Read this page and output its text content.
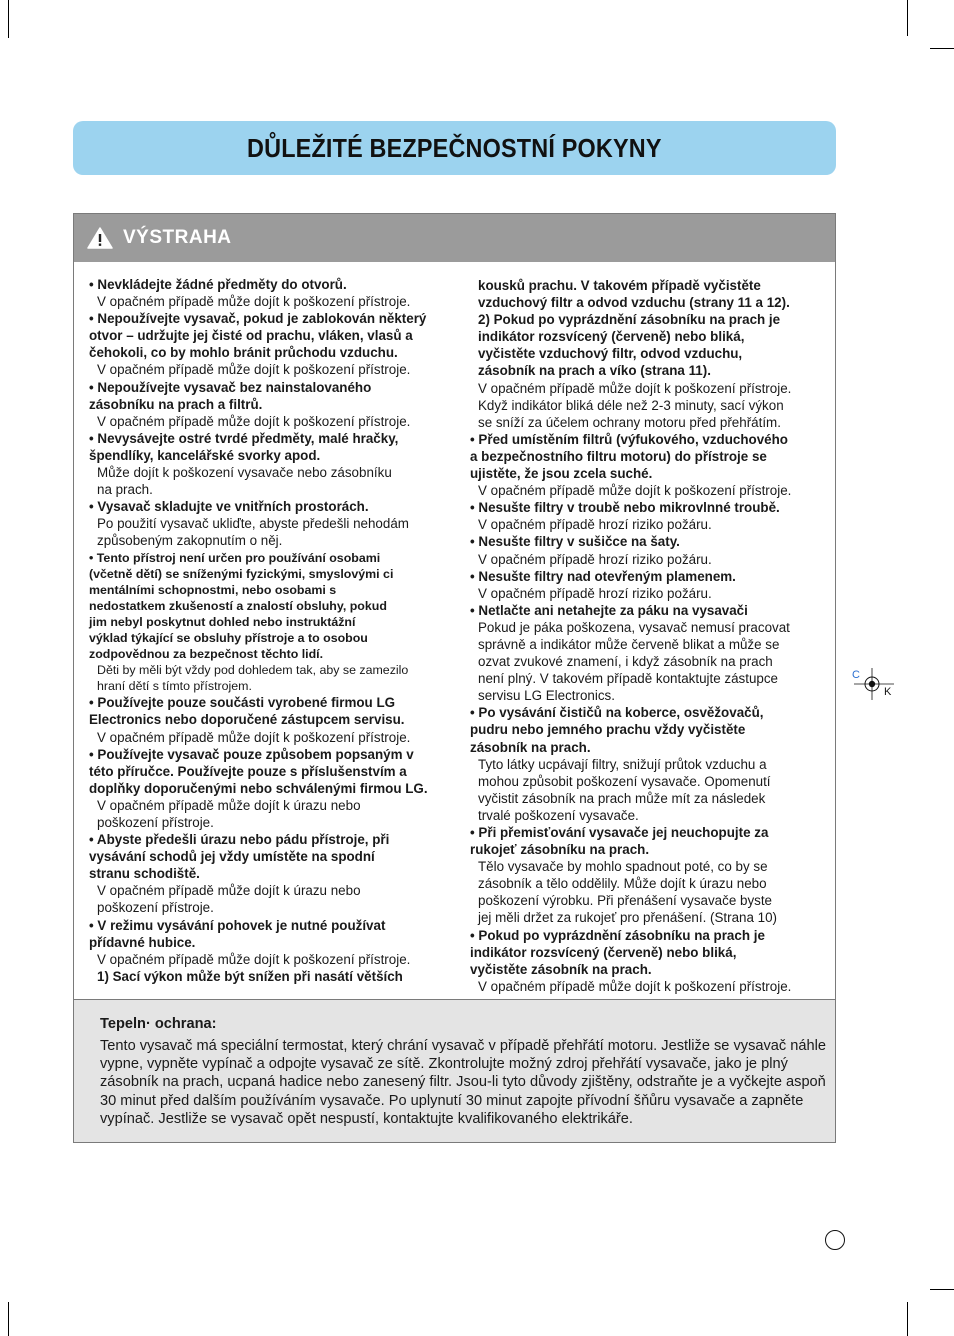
DŮLEŽITÉ BEZPEČNOSTNÍ POKYNY
VÝSTRAHA

• Nevkládejte žádné předměty do otvorů.

V opačném případě může dojít k poškození přístroje.

• Nepoužívejte vysavač, pokud je zablokován některý
otvor – udržujte jej čisté od prachu, vláken, vlasů a
čehokoli, co by mohlo bránit průchodu vzduchu.

V opačném případě může dojít k poškození přístroje.

• Nepoužívejte vysavač bez nainstalovaného
zásobníku na prach a filtrů.

V opačném případě může dojít k poškození přístroje.

• Nevysávejte ostré tvrdé předměty, malé hračky,
špendlíky, kancelářské svorky apod.

Může dojít k poškození vysavače nebo zásobníku
na prach.

• Vysavač skladujte ve vnitřních prostorách.

Po použití vysavač ukliďte, abyste předešli nehodám
způsobeným zakopnutím o něj.

• Tento přístroj není určen pro používání osobami
(včetně dětí) se sníženými fyzickými, smyslovými ci
mentálními schopnostmi, nebo osobami s
nedostatkem zkušeností a znalostí obsluhy, pokud
jim nebyl poskytnut dohled nebo instruktážní
výklad týkající se obsluhy přístroje a to osobou
zodpovědnou za bezpečnost těchto lidí.

Děti by měli být vždy pod dohledem tak, aby se zamezilo
hraní dětí s tímto přístrojem.

• Používejte pouze součásti vyrobené firmou LG
Electronics nebo doporučené zástupcem servisu.

V opačném případě může dojít k poškození přístroje.

• Používejte vysavač pouze způsobem popsaným v
této příručce. Používejte pouze s příslušenstvím a
doplňky doporučenými nebo schválenými firmou LG.

V opačném případě může dojít k úrazu nebo
poškození přístroje.

• Abyste předešli úrazu nebo pádu přístroje, při
vysávání schodů jej vždy umístěte na spodní
stranu schodiště.

V opačném případě může dojít k úrazu nebo
poškození přístroje.

• V režimu vysávání pohovek je nutné používat
přídavné hubice.

V opačném případě může dojít k poškození přístroje.

1) Sací výkon může být snížen při nasátí větších

kousků prachu. V takovém případě vyčistěte
vzduchový filtr a odvod vzduchu (strany 11 a 12).
2) Pokud po vyprázdnění zásobníku na prach je
indikátor rozsvícený (červeně) nebo bliká,
vyčistěte vzduchový filtr, odvod vzduchu,
zásobník na prach a víko (strana 11).

V opačném případě může dojít k poškození přístroje.
Když indikátor bliká déle než 2-3 minuty, sací výkon
se sníží za účelem ochrany motoru před přehřátím.

• Před umístěním filtrů (výfukového, vzduchového
a bezpečnostního filtru motoru) do přístroje se
ujistěte, že jsou zcela suché.

V opačném případě může dojít k poškození přístroje.

• Nesušte filtry v troubě nebo mikrovlnné troubě.

V opačném případě hrozí riziko požáru.

• Nesušte filtry v sušičce na šaty.

V opačném případě hrozí riziko požáru.

• Nesušte filtry nad otevřeným plamenem.

V opačném případě hrozí riziko požáru.

• Netlačte ani netahejte za páku na vysavači

Pokud je páka poškozena, vysavač nemusí pracovat
správně a indikátor může červeně blikat a může se
ozvat zvukové znamení, i když zásobník na prach
není plný. V takovém případě kontaktujte zástupce
servisu LG Electronics.

• Po vysávání čističů na koberce, osvěžovačů,
pudru nebo jemného prachu vždy vyčistěte
zásobník na prach.

Tyto látky ucpávají filtry, snižují průtok vzduchu a
mohou způsobit poškození vysavače. Opomenutí
vyčistit zásobník na prach může mít za následek
trvalé poškození vysavače.

• Při přemisťování vysavače jej neuchopujte za
rukojeť zásobníku na prach.

Tělo vysavače by mohlo spadnout poté, co by se
zásobník a tělo oddělily. Může dojít k úrazu nebo
poškození výrobku. Při přenášení vysavače byste
jej měli držet za rukojeť pro přenášení. (Strana 10)

• Pokud po vyprázdnění zásobníku na prach je
indikátor rozsvícený (červeně) nebo bliká,
vyčistěte zásobník na prach.

V opačném případě může dojít k poškození přístroje.

Tepeln· ochrana:
Tento vysavač má speciální termostat, který chrání vysavač v případě přehřátí motoru. Jestliže se vysavač náhle vypne, vypněte vypínač a odpojte vysavač ze sítě. Zkontrolujte možný zdroj přehřátí vysavače, jako je plný zásobník na prach, ucpaná hadice nebo zanesený filtr. Jsou-li tyto důvody zjištěny, odstraňte je a vyčkejte aspoň 30 minut před dalším používáním vysavače. Po uplynutí 30 minut zapojte přívodní šňůru vysavače a zapněte vypínač. Jestliže se vysavač opět nespustí, kontaktujte kvalifikovaného elektrikáře.
C
K
